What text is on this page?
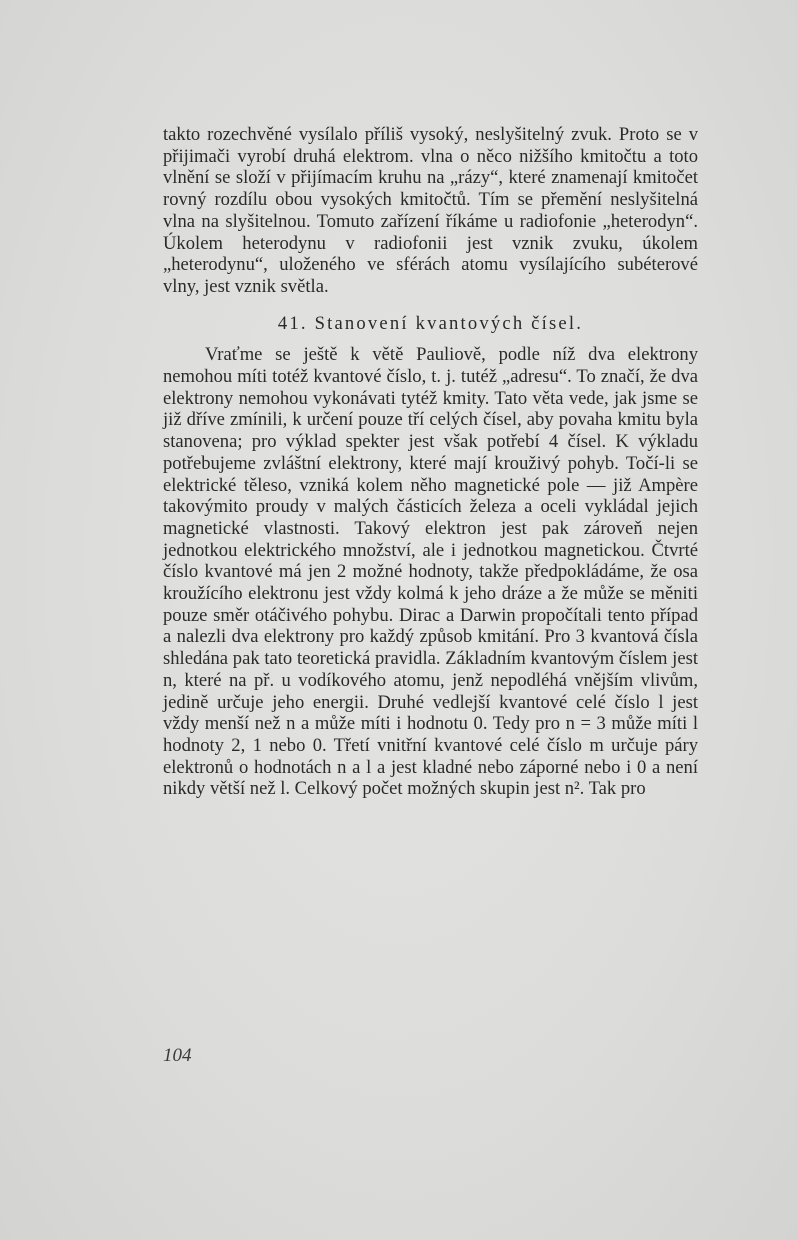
takto rozechvěné vysílalo příliš vysoký, neslyšitelný zvuk. Proto se v přijimači vyrobí druhá elektrom. vlna o něco nižšího kmitočtu a toto vlnění se složí v přijímacím kruhu na „rázy“, které znamenají kmitočet rovný rozdílu obou vysokých kmitočtů. Tím se přemění neslyšitelná vlna na slyšitelnou. Tomuto zařízení říkáme u radiofonie „heterodyn“. Úkolem heterodynu v radiofonii jest vznik zvuku, úkolem „heterodynu“, uloženého ve sférách atomu vysílajícího subéterové vlny, jest vznik světla.

41. Stanovení kvantových čísel.

Vraťme se ještě k větě Pauliově, podle níž dva elektrony nemohou míti totéž kvantové číslo, t. j. tutéž „adresu“. To značí, že dva elektrony nemohou vykonávati tytéž kmity. Tato věta vede, jak jsme se již dříve zmínili, k určení pouze tří celých čísel, aby povaha kmitu byla stanovena; pro výklad spekter jest však potřebí 4 čísel. K výkladu potřebujeme zvláštní elektrony, které mají krouživý pohyb. Točí-li se elektrické těleso, vzniká kolem něho magnetické pole — již Ampère takovýmito proudy v malých částicích železa a oceli vykládal jejich magnetické vlastnosti. Takový elektron jest pak zároveň nejen jednotkou elektrického množství, ale i jednotkou magnetickou. Čtvrté číslo kvantové má jen 2 možné hodnoty, takže předpokládáme, že osa kroužícího elektronu jest vždy kolmá k jeho dráze a že může se měniti pouze směr otáčivého pohybu. Dirac a Darwin propočítali tento případ a nalezli dva elektrony pro každý způsob kmitání. Pro 3 kvantová čísla shledána pak tato teoretická pravidla. Základním kvantovým číslem jest n, které na př. u vodíkového atomu, jenž nepodléhá vnějším vlivům, jedině určuje jeho energii. Druhé vedlejší kvantové celé číslo l jest vždy menší než n a může míti i hodnotu 0. Tedy pro n = 3 může míti l hodnoty 2, 1 nebo 0. Třetí vnitřní kvantové celé číslo m určuje páry elektronů o hodnotách n a l a jest kladné nebo záporné nebo i 0 a není nikdy větší než l. Celkový počet možných skupin jest n². Tak pro

104
